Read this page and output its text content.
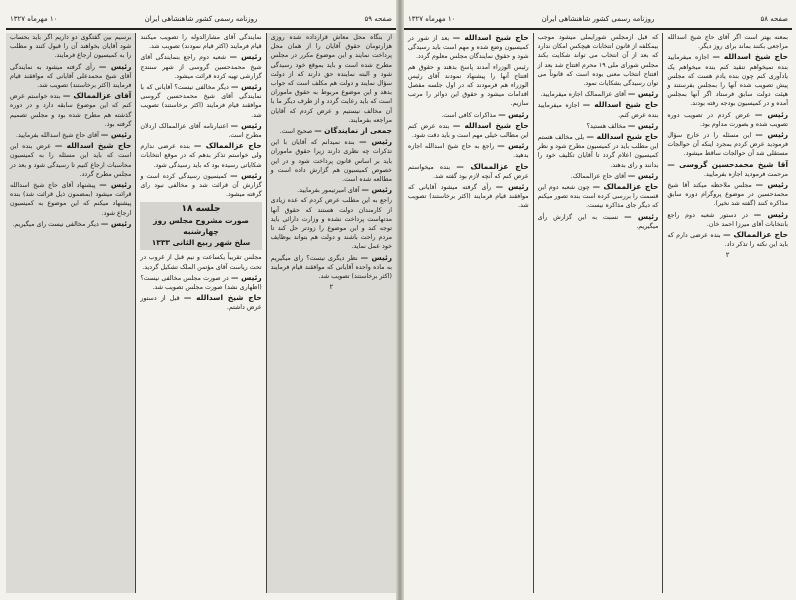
صفحه ۵۹
روزنامه رسمی کشور شاهنشاهی ایران
۱۰ مهرماه ۱۳۲۷

از بنگاه محل معاش قرارداده شده روزی هزارتومان حقوق آقایان را از همان محل پرداخت نمایند و این موضوع مکرر در مجلس مطرح شده است و باید بموقع خود رسیدگی شود و البته نماینده حق دارند که از دولت سؤال نمایند و دولت هم مکلف است که جواب بدهد و این موضوع مربوط به حقوق ماموران است که باید رعایت گردد و از طرف دیگر ما با آن مخالف نیستیم و عرض کردم که آقایان مراجعه بفرمایند.

جمعی از نمایندگان — صحیح است.

رئیس — بنده نمیدانم که آقایان با این تذکرات چه نظری دارند زیرا حقوق ماموران باید بر اساس قانون پرداخت شود و در این خصوص کمیسیون هم گزارش داده است و مطالعه شده است.

رئیس — آقای امیرتیمور بفرمایید.

راجع به این مطلب عرض کردم که عده زیادی از کارمندان دولت هستند که حقوق آنها مدتهاست پرداخت نشده و وزارت دارائی باید توجه کند و این موضوع را زودتر حل کند تا مردم راحت باشند و دولت هم بتواند بوظایف خود عمل نماید.

رئیس — نظر دیگری نیست؟ رای میگیریم به ماده واحده آقایانی که موافقند قیام فرمایند (اکثر برخاستند) تصویب شد.

۲

نمایندگی آقای مشارالدوله را تصویب میکنند قیام فرمایند (اکثر قیام نمودند) تصویب شد.

رئیس — شعبه دوم راجع بنمایندگی آقای شیخ محمدحسین گروسی از شهر سنندج گزارشی تهیه کرده قرائت میشود.

رئیس — دیگر مخالفی نیست؟ آقایانی که با نمایندگی آقای شیخ محمدحسین گروسی موافقند قیام فرمایند (اکثر برخاستند) تصویب شد.

رئیس — اعتبارنامه آقای عزالممالک اردلان مطرح است.

حاج عزالممالک — بنده عرضی ندارم ولی خواستم تذکر بدهم که در موقع انتخابات شکایاتی رسیده بود که باید رسیدگی شود.

رئیس — کمیسیون رسیدگی کرده است و گزارش آن قرائت شد و مخالفی نبود رای گرفته میشود.

جلسه ۱۸
صورت مشروح مجلس روز چهارشنبه
سلخ شهر ربیع الثانی ۱۳۳۳

مجلس تقریباً یکساعت و نیم قبل از غروب در تحت ریاست آقای مؤتمن الملک تشکیل گردید.

رئیس — در صورت مجلس مخالفی نیست؟ (اظهاری نشد) صورت مجلس تصویب شد.

حاج شیخ اسدالله — قبل از دستور عرض داشتم.

برسیم بین گفتگوی دو داریم اگر باید بحساب شود آقایان بخواهند آن را قبول کنند و مطلب را به کمیسیون ارجاع فرمایند.

رئیس — رأی گرفته میشود به نمایندگی آقای شیخ محمدعلی آقایانی که موافقند قیام فرمایند (اکثر برخاستند) تصویب شد.

آقای عزالممالک — بنده خواستم عرض کنم که این موضوع سابقه دارد و در دوره گذشته هم مطرح شده بود و مجلس تصمیم گرفته بود.

رئیس — آقای حاج شیخ اسدالله بفرمایید.

حاج شیخ اسدالله — عرض بنده این است که باید این مسئله را به کمیسیون محاسبات ارجاع کنیم تا رسیدگی شود و بعد در مجلس مطرح گردد.

رئیس — پیشنهاد آقای حاج شیخ اسدالله قرائت میشود (بمضمون ذیل قرائت شد) بنده پیشنهاد میکنم که این موضوع به کمیسیون ارجاع شود.

رئیس — دیگر مخالفی نیست رای میگیریم.

صفحه ۵۸
روزنامه رسمی کشور شاهنشاهی ایران
۱۰ مهرماه ۱۳۲۷

بمعنه بهتر است اگر آقای حاج شیخ اسدالله مراجعی بکنند بماند برای روز دیگر.

حاج شیخ اسدالله — اجازه میفرمایید بنده نمیخواهم تنقید کنم بنده میخواهم یک یادآوری کنم چون بنده یادم هست که مجلس پیش تصویب شده آنها را بمجلس بفرستند و هیئت دولت سابق فرستاد اگر آنها بمجلس آمده و در کمیسیون بودجه رفته بودند.

رئیس — عرض کردم در تصویب دوره تصویب شده و بصورت مداوم بود.

رئیس — این مسئله را در خارج سؤال فرمودید عرض کردم بمجرد اینکه آن حوالجات مستقلی شد آن حوالجات ساقط میشود.

آقا شیخ محمدحسین گروسی — مرحمت فرمودید اجازه بفرمایید.

رئیس — مجلس ملاحظه میکند آقا شیخ محمدحسین در موضوع پروگرام دوره سابق مذاکره کنند (گفته شد نخیر).

رئیس — در دستور شعبه دوم راجع بانتخابات آقای میرزا احمد خان.

حاج عزالممالک — بنده عرضی دارم که باید این نکته را تذکر داد.

۲

که قبل ازمجلس شورایملی میشود موجب بیمکلفه از قانون انتخابات هیچکس امکان ندارد که بعد از آن انتخاب می تواند شکایت بکند مجلس شورای ملی ۱۹ محرم افتتاح شد بعد از افتتاح انتخاب معنی بوده است که قانوناً می توان رسیدگی بشکایات نمود.

رئیس — آقای عزالممالک اجازه میفرمایید.

حاج شیخ اسدالله — اجازه میفرمایید بنده عرض کنم.

رئیس — مخالف هستید؟

حاج شیخ اسدالله — بلی مخالف هستم این مطلب باید در کمیسیون مطرح شود و نظر کمیسیون اعلام گردد تا آقایان تکلیف خود را بدانند و رای بدهند.

رئیس — آقای حاج عزالممالک.

حاج عزالممالک — چون شعبه دوم این قسمت را بررسی کرده است بنده تصور میکنم که دیگر جای مذاکره نیست.

رئیس — نسبت به این گزارش رأی میگیریم.

حاج شیخ اسدالله — بعد از شور در کمیسیون وضع شده و مهم است باید رسیدگی شود و حقوق نمایندگان مجلس معلوم گردد.

رئیس الوزراء آمدند پاسخ بدهند و حقوق هم افتتاح آنها را پیشنهاد نمودند آقای رئیس الوزراء هم فرمودند که در اول جلسه مفصل اقدامات میشود و حقوق این دوائر را مرتب سازیم.

رئیس — مذاکرات کافی است.

حاج شیخ اسدالله — بنده عرض کنم این مطالب خیلی مهم است و باید دقت شود.

رئیس — راجع به حاج شیخ اسدالله اجازه بدهید.

حاج عزالممالک — بنده میخواستم عرض کنم که آنچه لازم بود گفته شد.

رئیس — رأی گرفته میشود آقایانی که موافقند قیام فرمایند (اکثر برخاستند) تصویب شد.
